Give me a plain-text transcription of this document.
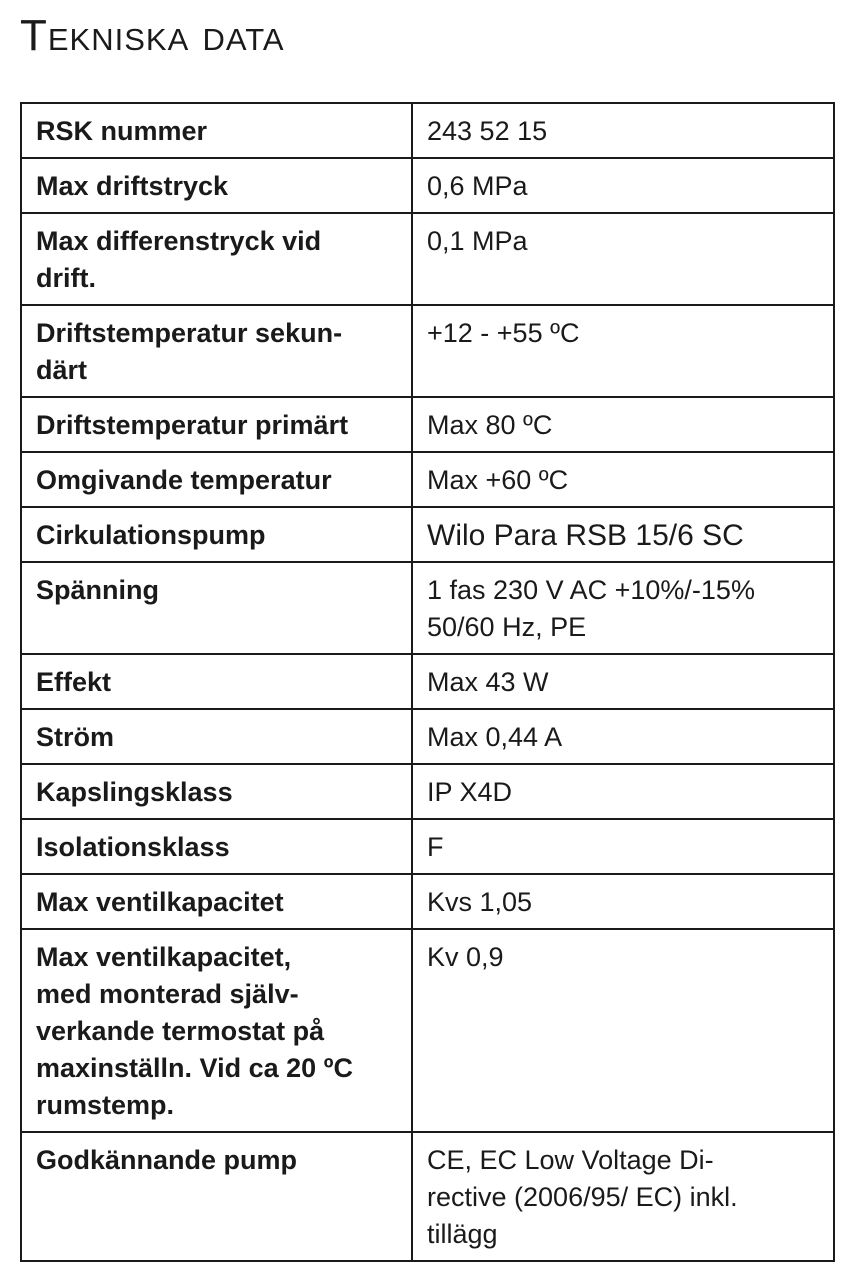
Tekniska data
RSK nummer	243 52 15

Max driftstryck	0,6 MPa

Max differenstryck vid
drift.	0,1 MPa

Driftstemperatur sekun-
därt	+12 - +55 ºC

Driftstemperatur primärt	Max 80 ºC

Omgivande temperatur	Max +60 ºC

Cirkulationspump	Wilo Para RSB 15/6 SC

Spänning	1 fas 230 V AC +10%/-15%
50/60 Hz, PE

Effekt	Max 43 W

Ström	Max 0,44 A

Kapslingsklass	IP X4D

Isolationsklass	F

Max ventilkapacitet	Kvs 1,05

Max ventilkapacitet,
med monterad själv-
verkande termostat på
maxinställn. Vid ca 20 ºC
rumstemp.	Kv 0,9

Godkännande pump	CE, EC Low Voltage Di-
rective (2006/95/ EC) inkl.
tillägg
